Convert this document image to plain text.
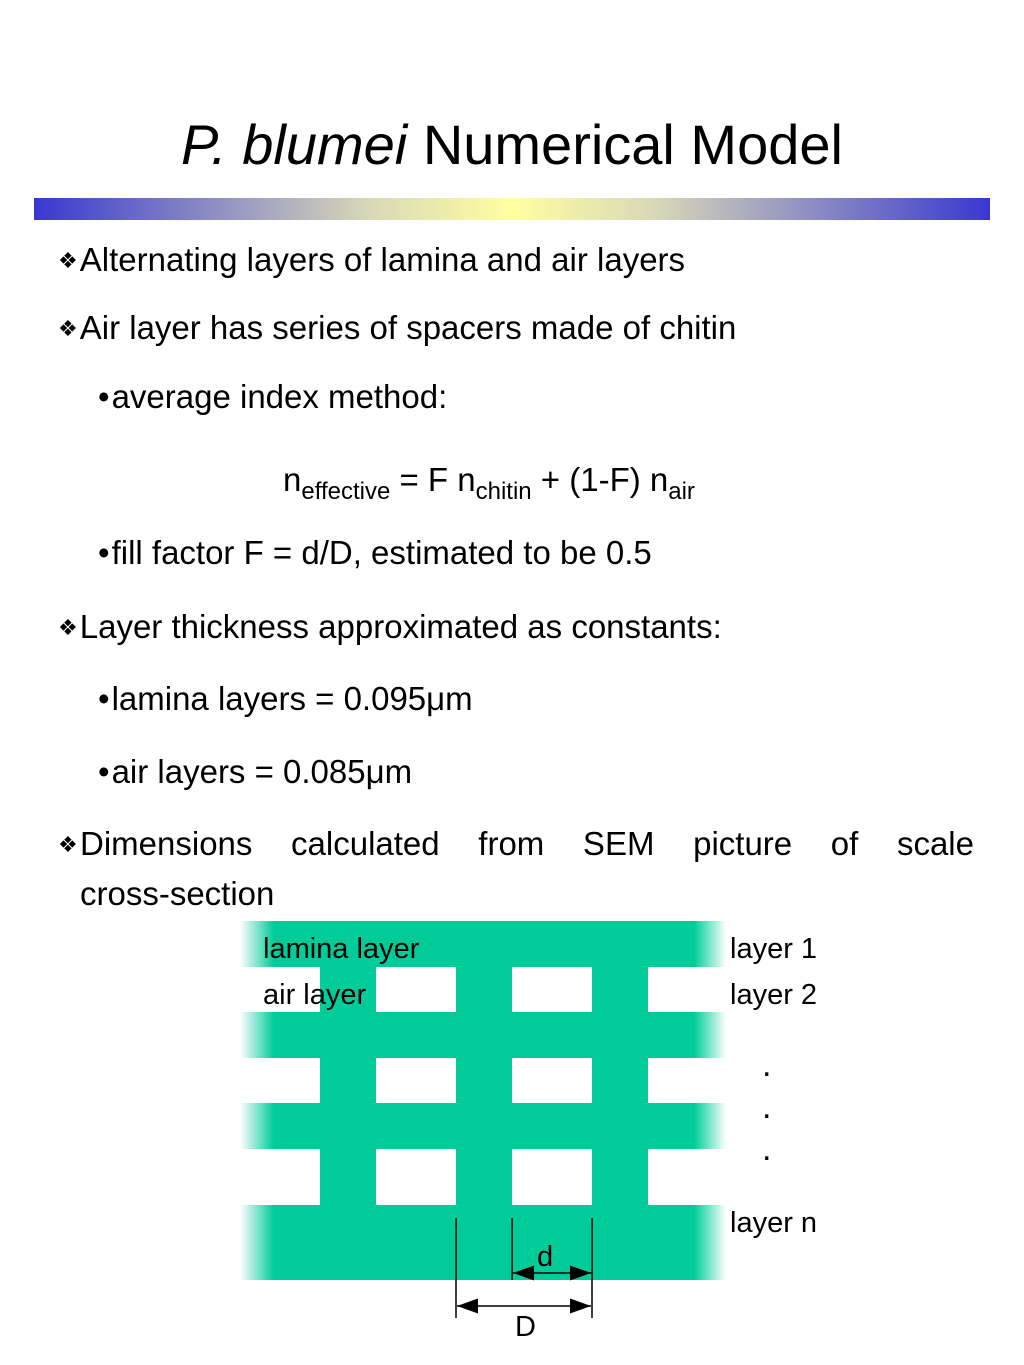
P. blumei Numerical Model
❖Alternating layers of lamina and air layers
❖Air layer has series of spacers made of chitin
•average index method:
$n_{effective} = F$ $n_{chitin} + (1-F)$ $n_{air}$
•fill factor F = d/D, estimated to be 0.5
❖Layer thickness approximated as constants:
•lamina layers = 0.095μm
•air layers = 0.085μm
❖ Dimensions calculated from SEM picture of scale
cross-section
lamina layer
air layer
layer 1
layer 2
.
.
.
layer n
d
D
